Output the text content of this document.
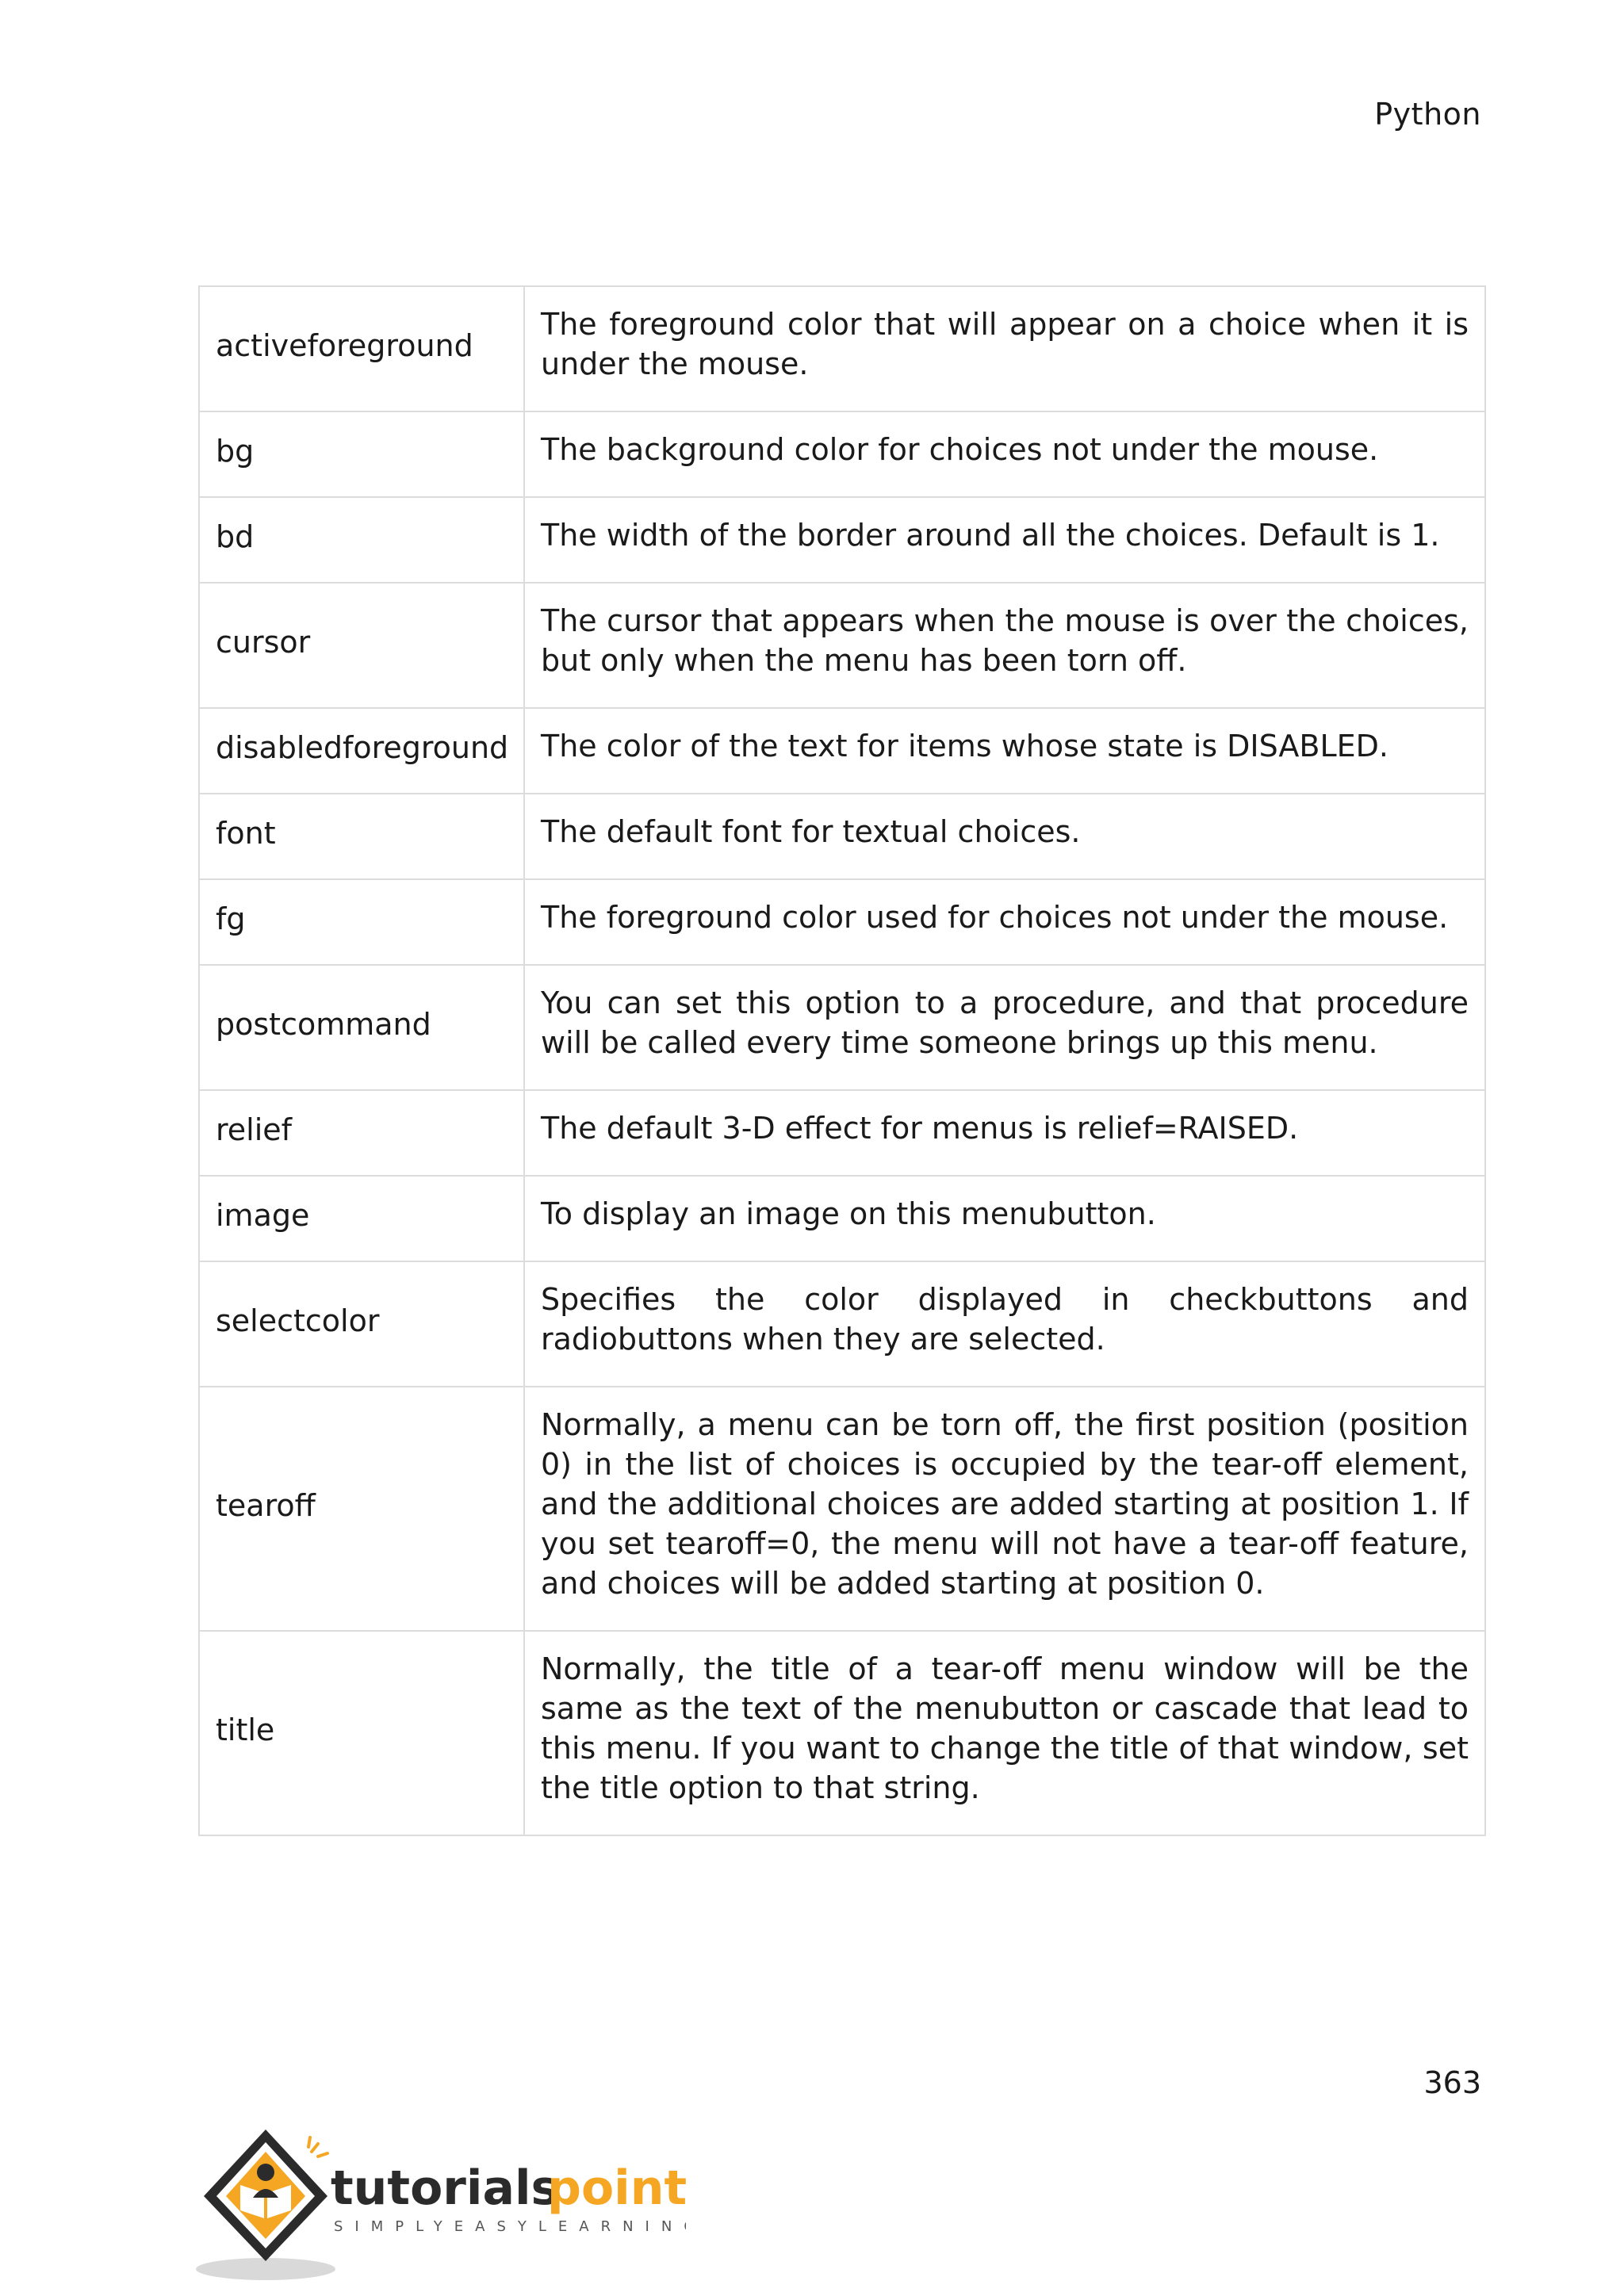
Python
activeforeground	The foreground color that will appear on a choice when it is under the mouse.
bg	The background color for choices not under the mouse.
bd	The width of the border around all the choices. Default is 1.
cursor	The cursor that appears when the mouse is over the choices, but only when the menu has been torn off.
disabledforeground	The color of the text for items whose state is DISABLED.
font	The default font for textual choices.
fg	The foreground color used for choices not under the mouse.
postcommand	You can set this option to a procedure, and that procedure will be called every time someone brings up this menu.
relief	The default 3-D effect for menus is relief=RAISED.
image	To display an image on this menubutton.
selectcolor	Specifies the color displayed in checkbuttons and radiobuttons when they are selected.
tearoff	Normally, a menu can be torn off, the first position (position 0) in the list of choices is occupied by the tear-off element, and the additional choices are added starting at position 1. If you set tearoff=0, the menu will not have a tear-off feature, and choices will be added starting at position 0.
title	Normally, the title of a tear-off menu window will be the same as the text of the menubutton or cascade that lead to this menu. If you want to change the title of that window, set the title option to that string.
363
tutorials
point
SIMPLYEASYLEARNING
